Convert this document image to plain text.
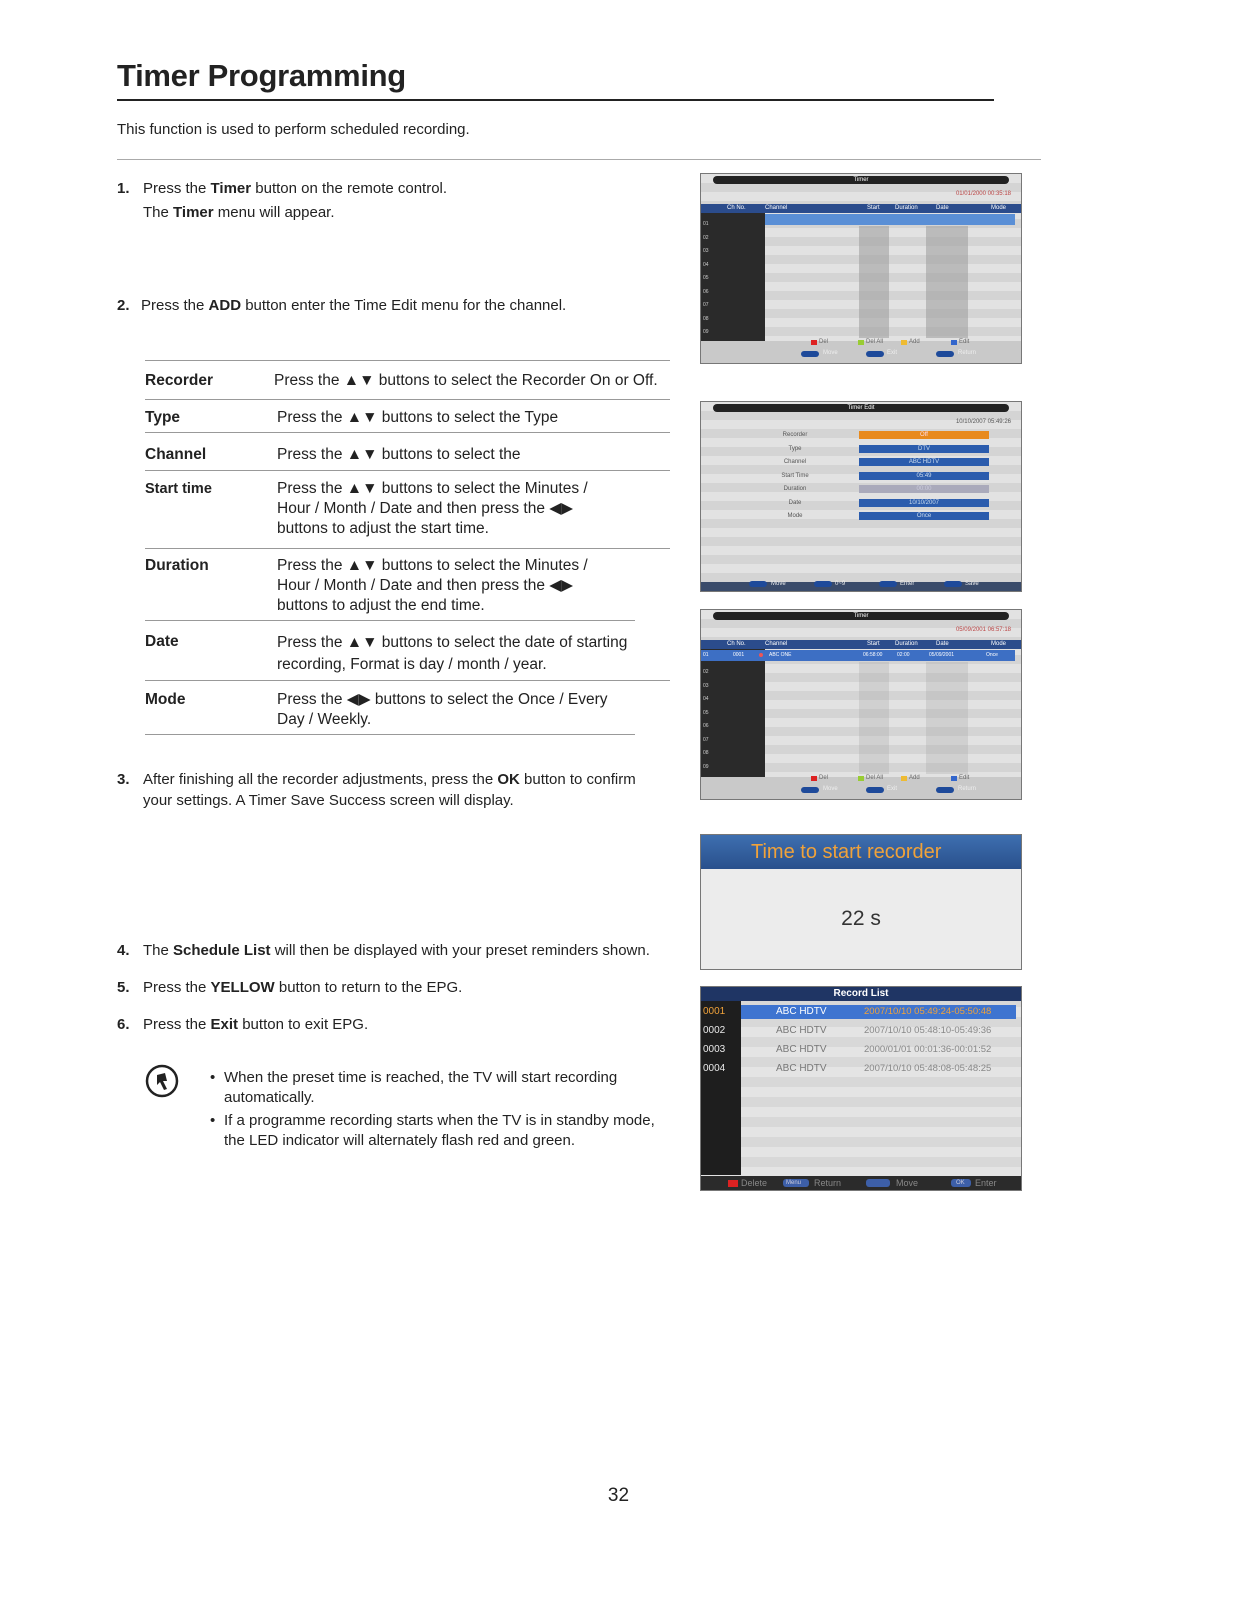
Timer Programming
This function is used to perform scheduled recording.
1. Press the Timer button on the remote control.
The Timer menu will appear.
2. Press the ADD button enter the Time Edit menu for the channel.
Recorder	Press the ▲▼ buttons to select the Recorder On or Off.
Type	Press the ▲▼ buttons to select the Type
Channel	Press the ▲▼ buttons to select the
Start time	Press the ▲▼ buttons to select the Minutes / Hour / Month / Date and then press the ◀▶ buttons to adjust the start time.
Duration	Press the ▲▼ buttons to select the Minutes / Hour / Month / Date and then press the ◀▶ buttons to adjust the end time.
Date	Press the ▲▼ buttons to select the date of starting recording, Format is day / month / year.
Mode	Press the ◀▶ buttons to select the Once / Every Day / Weekly.
3. After finishing all the recorder adjustments, press the OK button to confirm
your settings. A Timer Save Success screen will display.
4. The Schedule List will then be displayed with your preset reminders shown.
5. Press the YELLOW button to return to the EPG.
6. Press the Exit button to exit EPG.
• When the preset time is reached, the TV will start recording automatically.
• If a programme recording starts when the TV is in standby mode, the LED indicator will alternately flash red and green.
Timer
01/01/2000 00:35:18
Ch No.	Channel	Start	Duration	Date	Mode
01
02
03
04
05
06
07
08
09
Del	Del All	Add	Edit
Move	Exit	Return
Timer Edit
10/10/2007 05:49:26
Recorder	Off
Type	DTV
Channel	ABC HDTV
Start Time	05:49
Duration	00:00
Date	10/10/2007
Mode	Once
Move	0~9	Enter	Save
Timer
05/09/2001 06:57:18
Ch No.	Channel	Start	Duration	Date	Mode
01	0001	ABC ONE	06:58:00	02:00	05/09/2001	Once
02
03
04
05
06
07
08
09
Del	Del All	Add	Edit
Move	Exit	Return
Time to start recorder
22 s
Record List
0001	ABC HDTV	2007/10/10 05:49:24-05:50:48
0002	ABC HDTV	2007/10/10 05:48:10-05:49:36
0003	ABC HDTV	2000/01/01 00:01:36-00:01:52
0004	ABC HDTV	2007/10/10 05:48:08-05:48:25
Delete	Menu Return	Move	OK Enter
32
